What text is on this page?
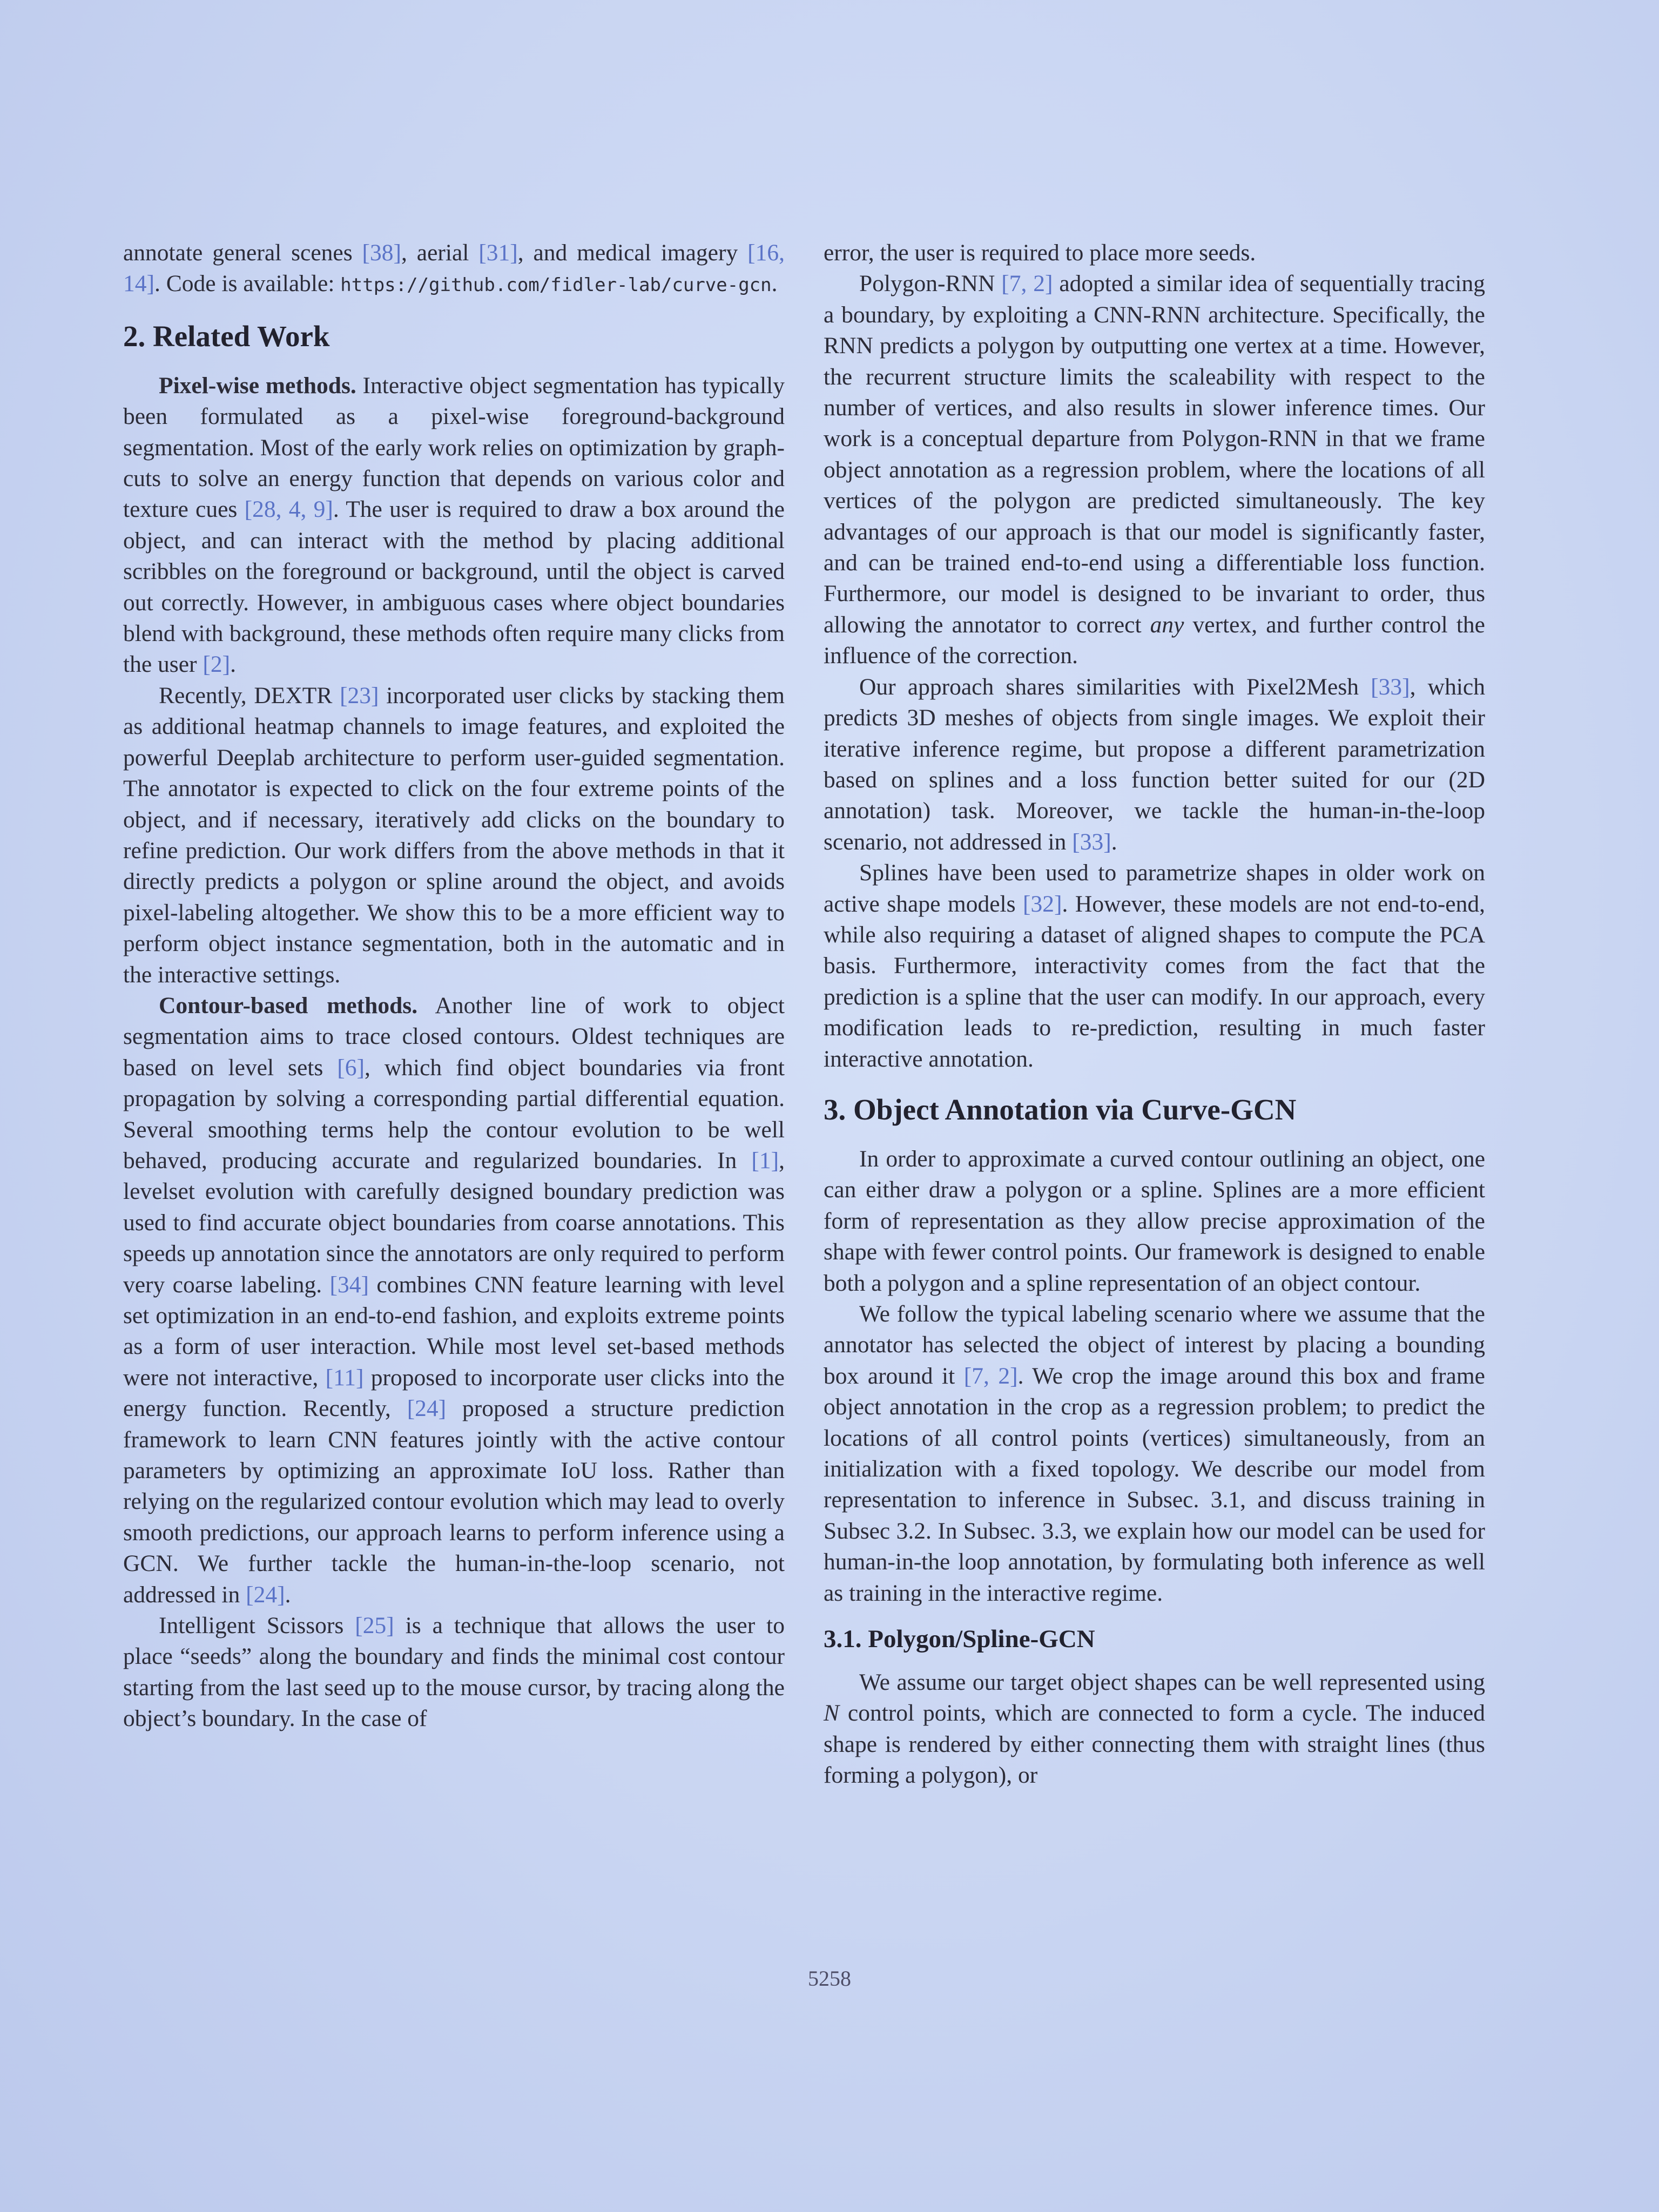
annotate general scenes [38], aerial [31], and medical imagery [16, 14]. Code is available: https://github.com/fidler-lab/curve-gcn.

2. Related Work

Pixel-wise methods. Interactive object segmentation has typically been formulated as a pixel-wise foreground-background segmentation. Most of the early work relies on optimization by graph-cuts to solve an energy function that depends on various color and texture cues [28, 4, 9]. The user is required to draw a box around the object, and can interact with the method by placing additional scribbles on the foreground or background, until the object is carved out correctly. However, in ambiguous cases where object boundaries blend with background, these methods often require many clicks from the user [2].

Recently, DEXTR [23] incorporated user clicks by stacking them as additional heatmap channels to image features, and exploited the powerful Deeplab architecture to perform user-guided segmentation. The annotator is expected to click on the four extreme points of the object, and if necessary, iteratively add clicks on the boundary to refine prediction. Our work differs from the above methods in that it directly predicts a polygon or spline around the object, and avoids pixel-labeling altogether. We show this to be a more efficient way to perform object instance segmentation, both in the automatic and in the interactive settings.

Contour-based methods. Another line of work to object segmentation aims to trace closed contours. Oldest techniques are based on level sets [6], which find object boundaries via front propagation by solving a corresponding partial differential equation. Several smoothing terms help the contour evolution to be well behaved, producing accurate and regularized boundaries. In [1], levelset evolution with carefully designed boundary prediction was used to find accurate object boundaries from coarse annotations. This speeds up annotation since the annotators are only required to perform very coarse labeling. [34] combines CNN feature learning with level set optimization in an end-to-end fashion, and exploits extreme points as a form of user interaction. While most level set-based methods were not interactive, [11] proposed to incorporate user clicks into the energy function. Recently, [24] proposed a structure prediction framework to learn CNN features jointly with the active contour parameters by optimizing an approximate IoU loss. Rather than relying on the regularized contour evolution which may lead to overly smooth predictions, our approach learns to perform inference using a GCN. We further tackle the human-in-the-loop scenario, not addressed in [24].

Intelligent Scissors [25] is a technique that allows the user to place “seeds” along the boundary and finds the minimal cost contour starting from the last seed up to the mouse cursor, by tracing along the object’s boundary. In the case of

error, the user is required to place more seeds.

Polygon-RNN [7, 2] adopted a similar idea of sequentially tracing a boundary, by exploiting a CNN-RNN architecture. Specifically, the RNN predicts a polygon by outputting one vertex at a time. However, the recurrent structure limits the scaleability with respect to the number of vertices, and also results in slower inference times. Our work is a conceptual departure from Polygon-RNN in that we frame object annotation as a regression problem, where the locations of all vertices of the polygon are predicted simultaneously. The key advantages of our approach is that our model is significantly faster, and can be trained end-to-end using a differentiable loss function. Furthermore, our model is designed to be invariant to order, thus allowing the annotator to correct any vertex, and further control the influence of the correction.

Our approach shares similarities with Pixel2Mesh [33], which predicts 3D meshes of objects from single images. We exploit their iterative inference regime, but propose a different parametrization based on splines and a loss function better suited for our (2D annotation) task. Moreover, we tackle the human-in-the-loop scenario, not addressed in [33].

Splines have been used to parametrize shapes in older work on active shape models [32]. However, these models are not end-to-end, while also requiring a dataset of aligned shapes to compute the PCA basis. Furthermore, interactivity comes from the fact that the prediction is a spline that the user can modify. In our approach, every modification leads to re-prediction, resulting in much faster interactive annotation.

3. Object Annotation via Curve-GCN

In order to approximate a curved contour outlining an object, one can either draw a polygon or a spline. Splines are a more efficient form of representation as they allow precise approximation of the shape with fewer control points. Our framework is designed to enable both a polygon and a spline representation of an object contour.

We follow the typical labeling scenario where we assume that the annotator has selected the object of interest by placing a bounding box around it [7, 2]. We crop the image around this box and frame object annotation in the crop as a regression problem; to predict the locations of all control points (vertices) simultaneously, from an initialization with a fixed topology. We describe our model from representation to inference in Subsec. 3.1, and discuss training in Subsec 3.2. In Subsec. 3.3, we explain how our model can be used for human-in-the loop annotation, by formulating both inference as well as training in the interactive regime.

3.1. Polygon/Spline-GCN

We assume our target object shapes can be well represented using N control points, which are connected to form a cycle. The induced shape is rendered by either connecting them with straight lines (thus forming a polygon), or

5258
